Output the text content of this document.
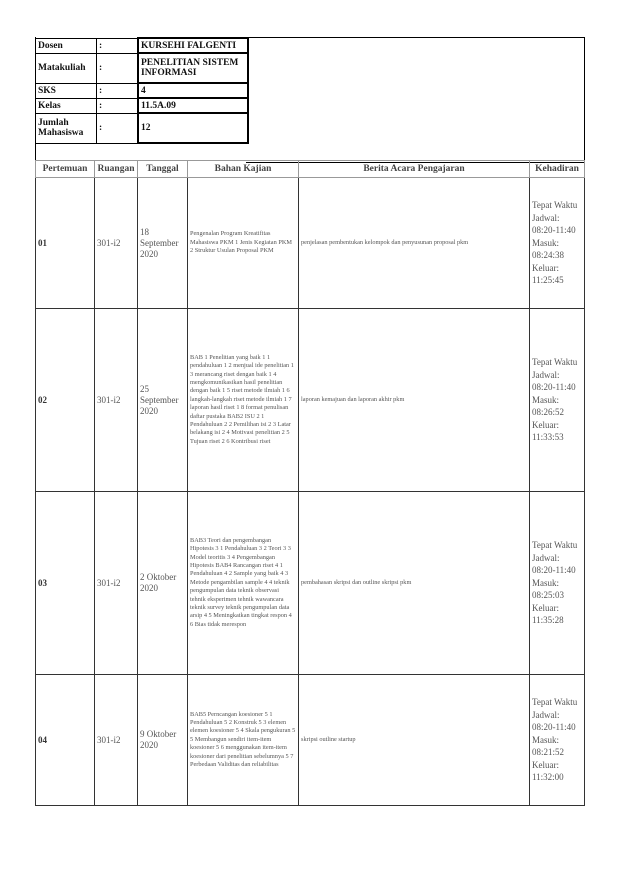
Dosen	:	KURSEHI FALGENTI
Matakuliah	:	PENELITIAN SISTEM INFORMASI
SKS	:	4
Kelas	:	11.5A.09
Jumlah Mahasiswa	:	12
Pertemuan	Ruangan	Tanggal	Bahan Kajian	Berita Acara Pengajaran	Kehadiran
01	301-i2	18 September 2020	Pengenalan Program Kreatifitas Mahasiswa PKM 1 Jenis Kegiatan PKM 2 Struktur Usulan Proposal PKM	penjelasan pembentukan kelompok dan penyusunan proposal pkm	Tepat Waktu Jadwal: 08:20-11:40 Masuk: 08:24:38 Keluar: 11:25:45
02	301-i2	25 September 2020	BAB 1 Penelitian yang baik 1 1 pendahuluan 1 2 menjual ide penelitian 1 3 merancang riset dengan baik 1 4 mengkomunikasikan hasil penelitian dengan baik 1 5 riset metode ilmiah 1 6 langkah-langkah riset metode ilmiah 1 7 laporan hasil riset 1 8 format penulisan daftar pustaka BAB2 ISU 2 1 Pendahuluan 2 2 Pemilihan isi 2 3 Latar belakang isi 2 4 Motivasi penelitian 2 5 Tujuan riset 2 6 Kontribusi riset	laporan kemajuan dan laporan akhir pkm	Tepat Waktu Jadwal: 08:20-11:40 Masuk: 08:26:52 Keluar: 11:33:53
03	301-i2	2 Oktober 2020	BAB3 Teori dan pengembangan Hipotesis 3 1 Pendahuluan 3 2 Teori 3 3 Model teoritis 3 4 Pengembangan Hipotesis BAB4 Rancangan riset 4 1 Pendahuluan 4 2 Sample yang baik 4 3 Metode pengambilan sample 4 4 teknik pengumpulan data teknik observasi tehnik eksperimen tehnik wawancara teknik survey teknik pengumpulan data arsip 4 5 Meningkatkan tingkat respon 4 6 Bias tidak merespon	pembahasan skripsi dan outline skripsi pkm	Tepat Waktu Jadwal: 08:20-11:40 Masuk: 08:25:03 Keluar: 11:35:28
04	301-i2	9 Oktober 2020	BAB5 Perncangan koesioner 5 1 Pendahuluan 5 2 Konstruk 5 3 elemen elemen koesioner 5 4 Skala pengukuran 5 5 Membangun sendiri item-item koesioner 5 6 menggunakan item-item koesioner dari penelitian sebelumnya 5 7 Perbedaan Validitas dan reliabilitas	skripsi outline startup	Tepat Waktu Jadwal: 08:20-11:40 Masuk: 08:21:52 Keluar: 11:32:00
